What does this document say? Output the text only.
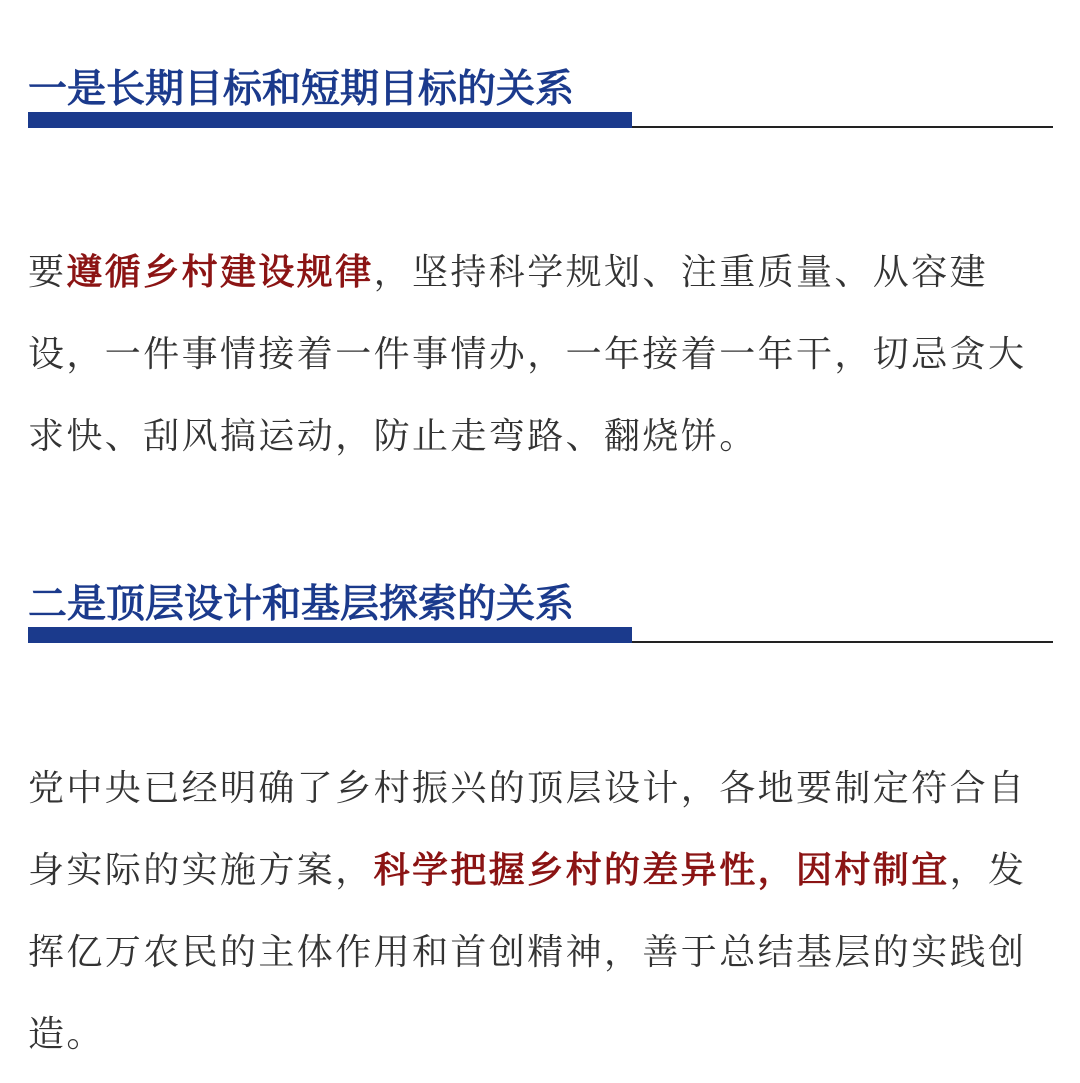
一是长期目标和短期目标的关系

要遵循乡村建设规律，坚持科学规划、注重质量、从容建设，一件事情接着一件事情办，一年接着一年干，切忌贪大求快、刮风搞运动，防止走弯路、翻烧饼。

二是顶层设计和基层探索的关系

党中央已经明确了乡村振兴的顶层设计，各地要制定符合自身实际的实施方案，科学把握乡村的差异性，因村制宜，发挥亿万农民的主体作用和首创精神，善于总结基层的实践创造。
